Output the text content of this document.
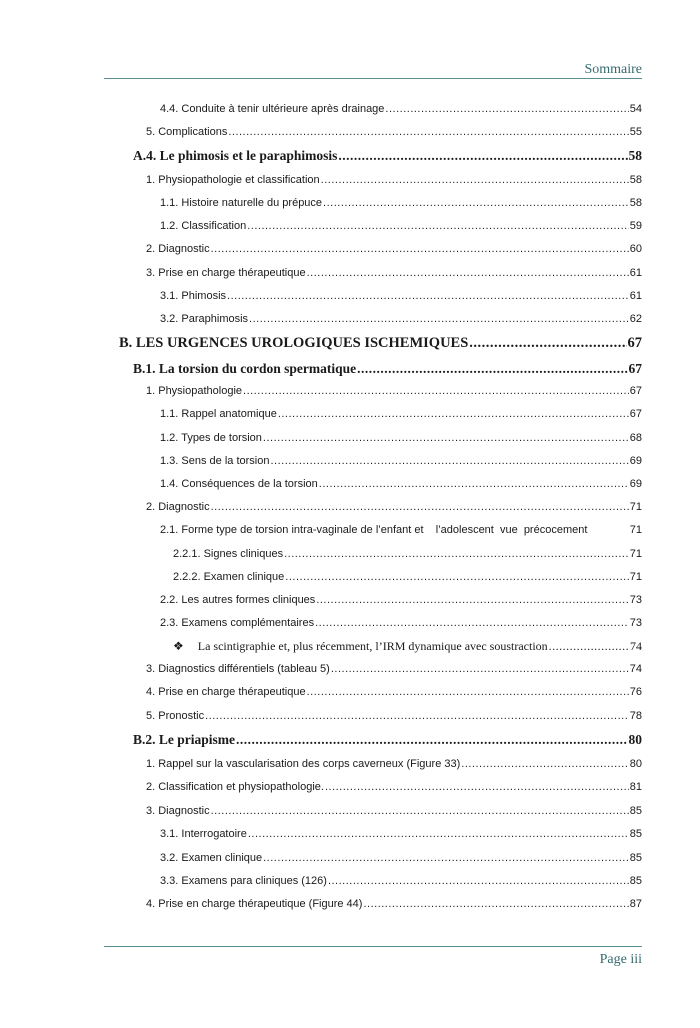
Sommaire
4.4. Conduite à tenir ultérieure après drainage .....	54
5. Complications .....	55
A.4. Le phimosis et le paraphimosis .....	58
1. Physiopathologie et classification .....	58
1.1. Histoire naturelle du prépuce .....	58
1.2. Classification .....	59
2. Diagnostic .....	60
3. Prise en charge thérapeutique .....	61
3.1. Phimosis .....	61
3.2. Paraphimosis .....	62
B. LES URGENCES UROLOGIQUES ISCHEMIQUES .....	67
B.1. La torsion du cordon spermatique .....	67
1. Physiopathologie .....	67
1.1. Rappel anatomique .....	67
1.2. Types de torsion .....	68
1.3. Sens de la torsion .....	69
1.4. Conséquences de la torsion .....	69
2. Diagnostic .....	71
2.1. Forme type de torsion intra-vaginale de l’enfant et    l’adolescent  vue  précocement	71
2.2.1. Signes cliniques .....	71
2.2.2. Examen clinique .....	71
2.2. Les autres formes cliniques .....	73
2.3. Examens complémentaires .....	73
❖ La scintigraphie et, plus récemment, l’IRM dynamique avec soustraction .....	74
3. Diagnostics différentiels (tableau 5) .....	74
4. Prise en charge thérapeutique .....	76
5. Pronostic .....	78
B.2. Le priapisme .....	80
1. Rappel sur la vascularisation des corps caverneux (Figure 33) .....	80
2. Classification et physiopathologie. .....	81
3. Diagnostic .....	85
3.1. Interrogatoire .....	85
3.2. Examen clinique .....	85
3.3. Examens para cliniques (126) .....	85
4. Prise en charge thérapeutique (Figure 44) .....	87
Page iii
